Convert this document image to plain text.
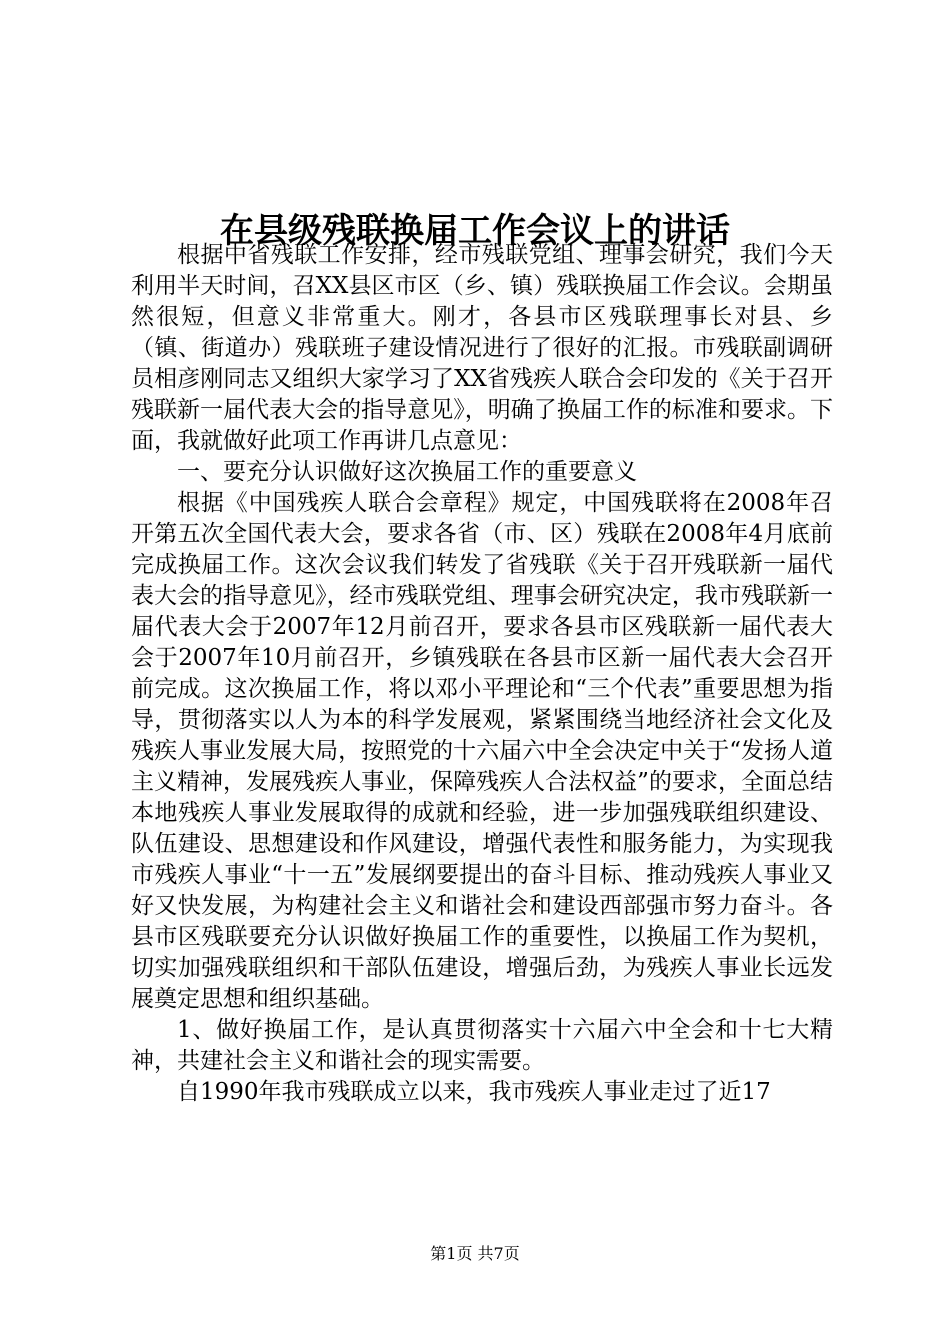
在县级残联换届工作会议上的讲话

根据中省残联工作安排，经市残联党组、理事会研究，我们今天利用半天时间，召XX县区市区（乡、镇）残联换届工作会议。会期虽然很短，但意义非常重大。刚才，各县市区残联理事长对县、乡（镇、街道办）残联班子建设情况进行了很好的汇报。市残联副调研员相彦刚同志又组织大家学习了XX省残疾人联合会印发的《关于召开残联新一届代表大会的指导意见》，明确了换届工作的标准和要求。下面，我就做好此项工作再讲几点意见：

一、要充分认识做好这次换届工作的重要意义

根据《中国残疾人联合会章程》规定，中国残联将在2008年召开第五次全国代表大会，要求各省（市、区）残联在2008年4月底前完成换届工作。这次会议我们转发了省残联《关于召开残联新一届代表大会的指导意见》，经市残联党组、理事会研究决定，我市残联新一届代表大会于2007年12月前召开，要求各县市区残联新一届代表大会于2007年10月前召开，乡镇残联在各县市区新一届代表大会召开前完成。这次换届工作，将以邓小平理论和“三个代表”重要思想为指导，贯彻落实以人为本的科学发展观，紧紧围绕当地经济社会文化及残疾人事业发展大局，按照党的十六届六中全会决定中关于“发扬人道主义精神，发展残疾人事业，保障残疾人合法权益”的要求，全面总结本地残疾人事业发展取得的成就和经验，进一步加强残联组织建设、队伍建设、思想建设和作风建设，增强代表性和服务能力，为实现我市残疾人事业“十一五”发展纲要提出的奋斗目标、推动残疾人事业又好又快发展，为构建社会主义和谐社会和建设西部强市努力奋斗。各县市区残联要充分认识做好换届工作的重要性，以换届工作为契机，切实加强残联组织和干部队伍建设，增强后劲，为残疾人事业长远发展奠定思想和组织基础。

1、做好换届工作，是认真贯彻落实十六届六中全会和十七大精神，共建社会主义和谐社会的现实需要。

自1990年我市残联成立以来，我市残疾人事业走过了近17

第1页 共7页
